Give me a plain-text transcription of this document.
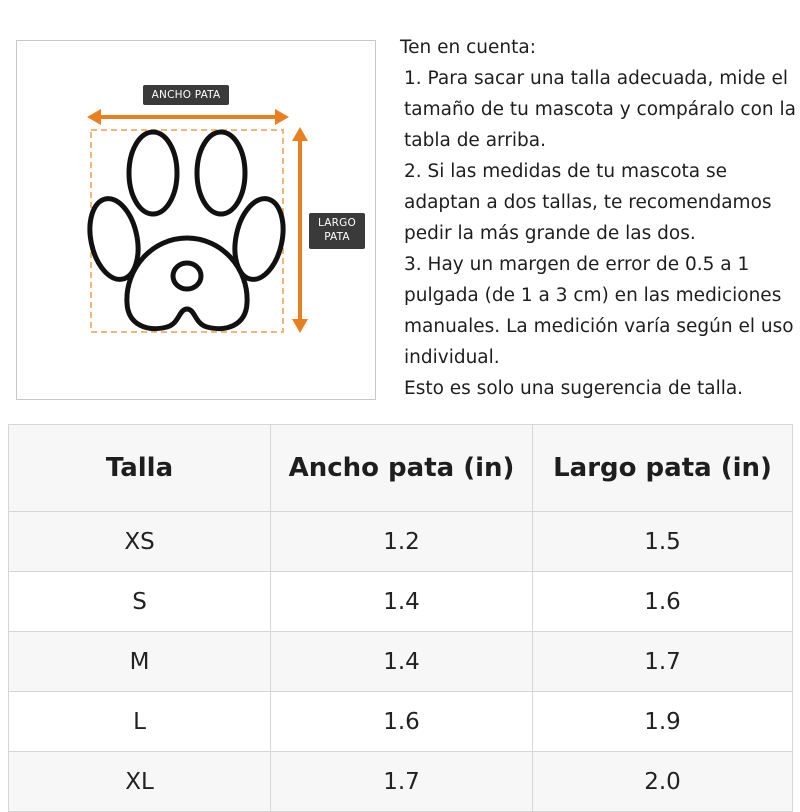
ANCHO PATA
LARGO
PATA

Ten en cuenta:

1. Para sacar una talla adecuada, mide el tamaño de tu mascota y compáralo con la tabla de arriba.

2. Si las medidas de tu mascota se adaptan a dos tallas, te recomendamos pedir la más grande de las dos.

3. Hay un margen de error de 0.5 a 1 pulgada (de 1 a 3 cm) en las mediciones manuales. La medición varía según el uso individual.

Esto es solo una sugerencia de talla.

Talla	Ancho pata (in)	Largo pata (in)
XS	1.2	1.5
S	1.4	1.6
M	1.4	1.7
L	1.6	1.9
XL	1.7	2.0
